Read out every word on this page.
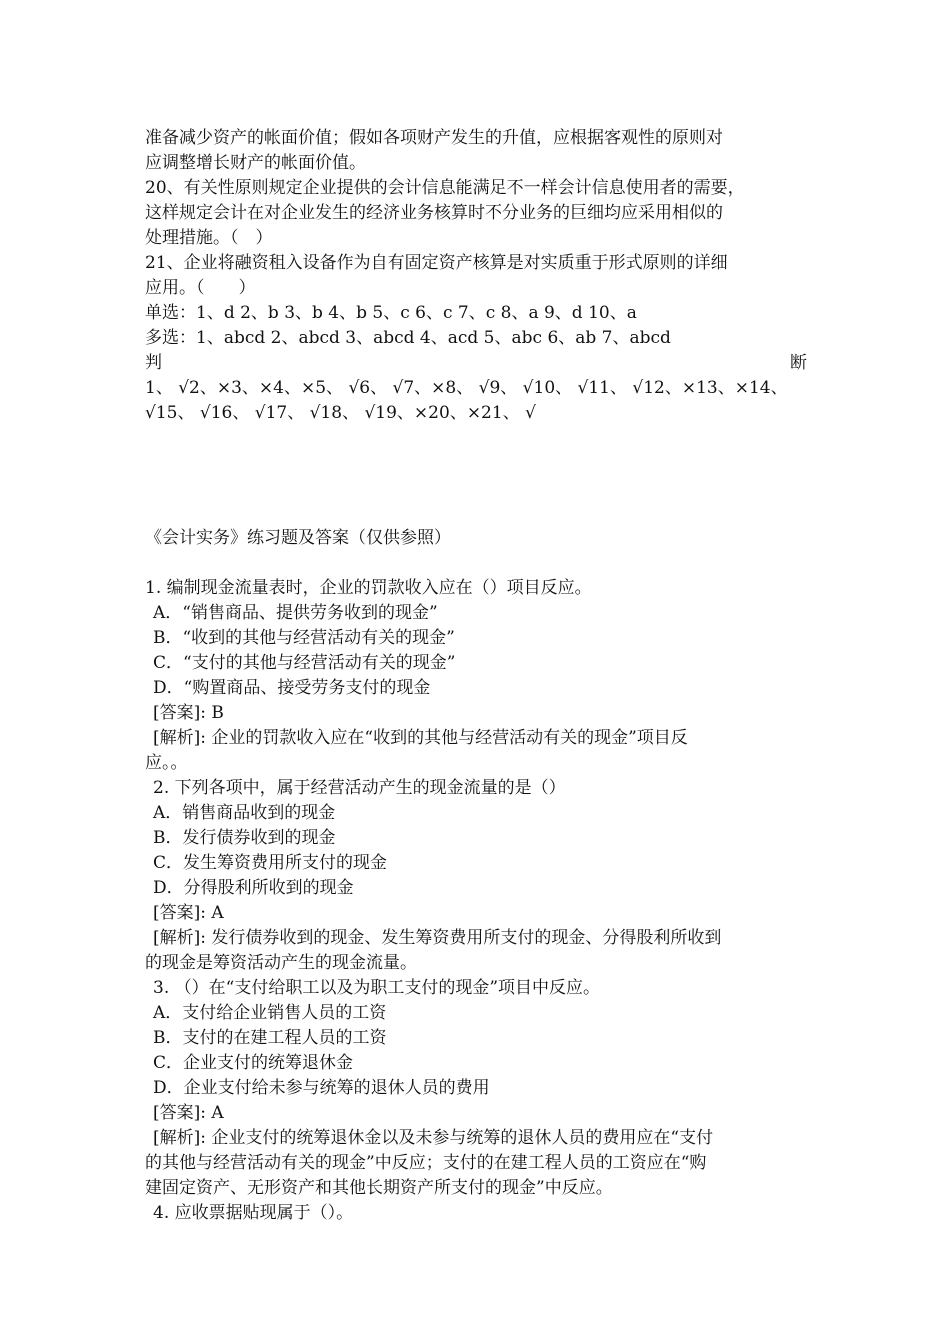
准备减少资产的帐面价值；假如各项财产发生的升值，应根据客观性的原则对
应调整增长财产的帐面价值。
20、有关性原则规定企业提供的会计信息能满足不一样会计信息使用者的需要，
这样规定会计在对企业发生的经济业务核算时不分业务的巨细均应采用相似的
处理措施。（　）
21、企业将融资租入设备作为自有固定资产核算是对实质重于形式原则的详细
应用。（　　）
单选：1、d 2、b 3、b 4、b 5、c 6、c 7、c 8、a 9、d 10、a
多选：1、abcd 2、abcd 3、abcd 4、acd 5、abc 6、ab 7、abcd
判	断
1、 √2、×3、×4、×5、 √6、 √7、×8、 √9、 √10、 √11、 √12、×13、×14、
√15、 √16、 √17、 √18、 √19、×20、×21、 √
《会计实务》练习题及答案（仅供参照）
1. 编制现金流量表时，企业的罚款收入应在（）项目反应。
A．“销售商品、提供劳务收到的现金”
B．“收到的其他与经营活动有关的现金”
C．“支付的其他与经营活动有关的现金”
D．“购置商品、接受劳务支付的现金
[答案]: B
[解析]: 企业的罚款收入应在“收到的其他与经营活动有关的现金”项目反
应。。
2. 下列各项中，属于经营活动产生的现金流量的是（）
A．销售商品收到的现金
B．发行债券收到的现金
C．发生筹资费用所支付的现金
D．分得股利所收到的现金
[答案]: A
[解析]: 发行债券收到的现金、发生筹资费用所支付的现金、分得股利所收到
的现金是筹资活动产生的现金流量。
3. （）在“支付给职工以及为职工支付的现金”项目中反应。
A．支付给企业销售人员的工资
B．支付的在建工程人员的工资
C．企业支付的统筹退休金
D．企业支付给未参与统筹的退休人员的费用
[答案]: A
[解析]: 企业支付的统筹退休金以及未参与统筹的退休人员的费用应在“支付
的其他与经营活动有关的现金”中反应；支付的在建工程人员的工资应在“购
建固定资产、无形资产和其他长期资产所支付的现金”中反应。
4. 应收票据贴现属于（）。
